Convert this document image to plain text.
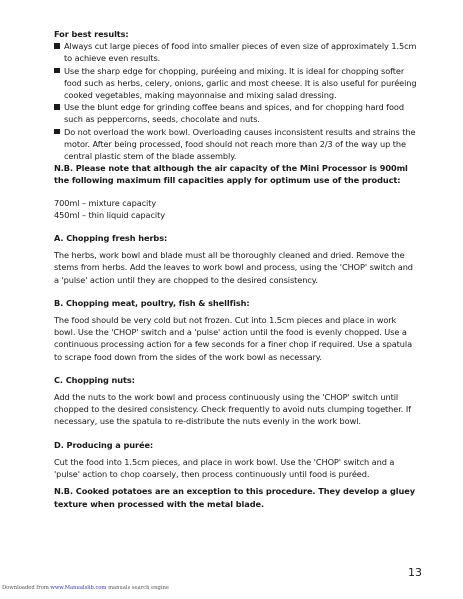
For best results:

Always cut large pieces of food into smaller pieces of even size of approximately 1.5cm to achieve even results.
Use the sharp edge for chopping, puréeing and mixing. It is ideal for chopping softer food such as herbs, celery, onions, garlic and most cheese. It is also useful for puréeing cooked vegetables, making mayonnaise and mixing salad dressing.
Use the blunt edge for grinding coffee beans and spices, and for chopping hard food such as peppercorns, seeds, chocolate and nuts.
Do not overload the work bowl. Overloading causes inconsistent results and strains the motor. After being processed, food should not reach more than 2/3 of the way up the central plastic stem of the blade assembly.

N.B. Please note that although the air capacity of the Mini Processor is 900ml the following maximum fill capacities apply for optimum use of the product:

700ml – mixture capacity

450ml – thin liquid capacity

A. Chopping fresh herbs:

The herbs, work bowl and blade must all be thoroughly cleaned and dried. Remove the stems from herbs. Add the leaves to work bowl and process, using the 'CHOP' switch and a 'pulse' action until they are chopped to the desired consistency.

B. Chopping meat, poultry, fish & shellfish:

The food should be very cold but not frozen. Cut into 1.5cm pieces and place in work bowl. Use the 'CHOP' switch and a 'pulse' action until the food is evenly chopped. Use a continuous processing action for a few seconds for a finer chop if required. Use a spatula to scrape food down from the sides of the work bowl as necessary.

C. Chopping nuts:

Add the nuts to the work bowl and process continuously using the 'CHOP' switch until chopped to the desired consistency. Check frequently to avoid nuts clumping together. If necessary, use the spatula to re-distribute the nuts evenly in the work bowl.

D. Producing a purée:

Cut the food into 1.5cm pieces, and place in work bowl. Use the 'CHOP' switch and a 'pulse' action to chop coarsely, then process continuously until food is puréed.

N.B. Cooked potatoes are an exception to this procedure. They develop a gluey texture when processed with the metal blade.

13
Downloaded from www.Manualslib.com manuals search engine
